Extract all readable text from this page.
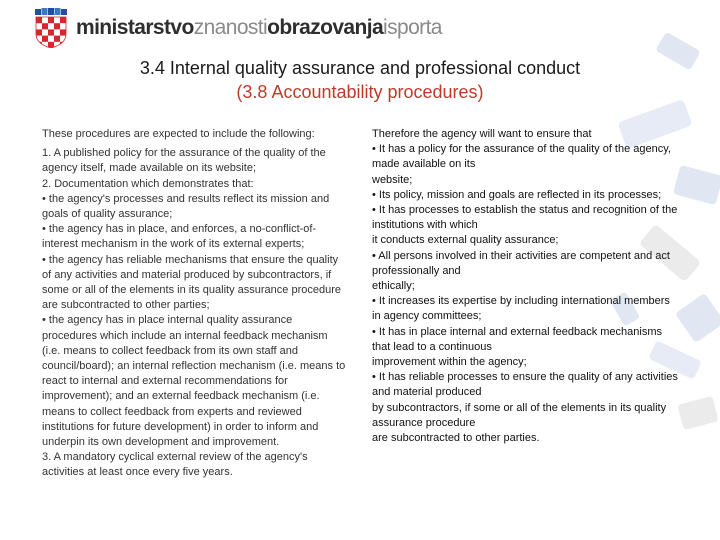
ministarstvoznanostiobrazovanjaisporta

3.4 Internal quality assurance and professional conduct

(3.8 Accountability procedures)

These procedures are expected to include the following:
1. A published policy for the assurance of the quality of the agency itself, made available on its website;
2. Documentation which demonstrates that:
• the agency's processes and results reflect its mission and goals of quality assurance;
• the agency has in place, and enforces, a no-conflict-of-interest mechanism in the work of its external experts;
• the agency has reliable mechanisms that ensure the quality of any activities and material produced by subcontractors, if some or all of the elements in its quality assurance procedure are subcontracted to other parties;
• the agency has in place internal quality assurance procedures which include an internal feedback mechanism (i.e. means to collect feedback from its own staff and council/board); an internal reflection mechanism (i.e. means to react to internal and external recommendations for improvement); and an external feedback mechanism (i.e. means to collect feedback from experts and reviewed institutions for future development) in order to inform and underpin its own development and improvement.
3. A mandatory cyclical external review of the agency's activities at least once every five years.
Therefore the agency will want to ensure that
• It has a policy for the assurance of the quality of the agency, made available on its
website;
• Its policy, mission and goals are reflected in its processes;
• It has processes to establish the status and recognition of the institutions with which
it conducts external quality assurance;
• All persons involved in their activities are competent and act professionally and
ethically;
• It increases its expertise by including international members in agency committees;
• It has in place internal and external feedback mechanisms that lead to a continuous
improvement within the agency;
• It has reliable processes to ensure the quality of any activities and material produced
by subcontractors, if some or all of the elements in its quality assurance procedure
are subcontracted to other parties.
